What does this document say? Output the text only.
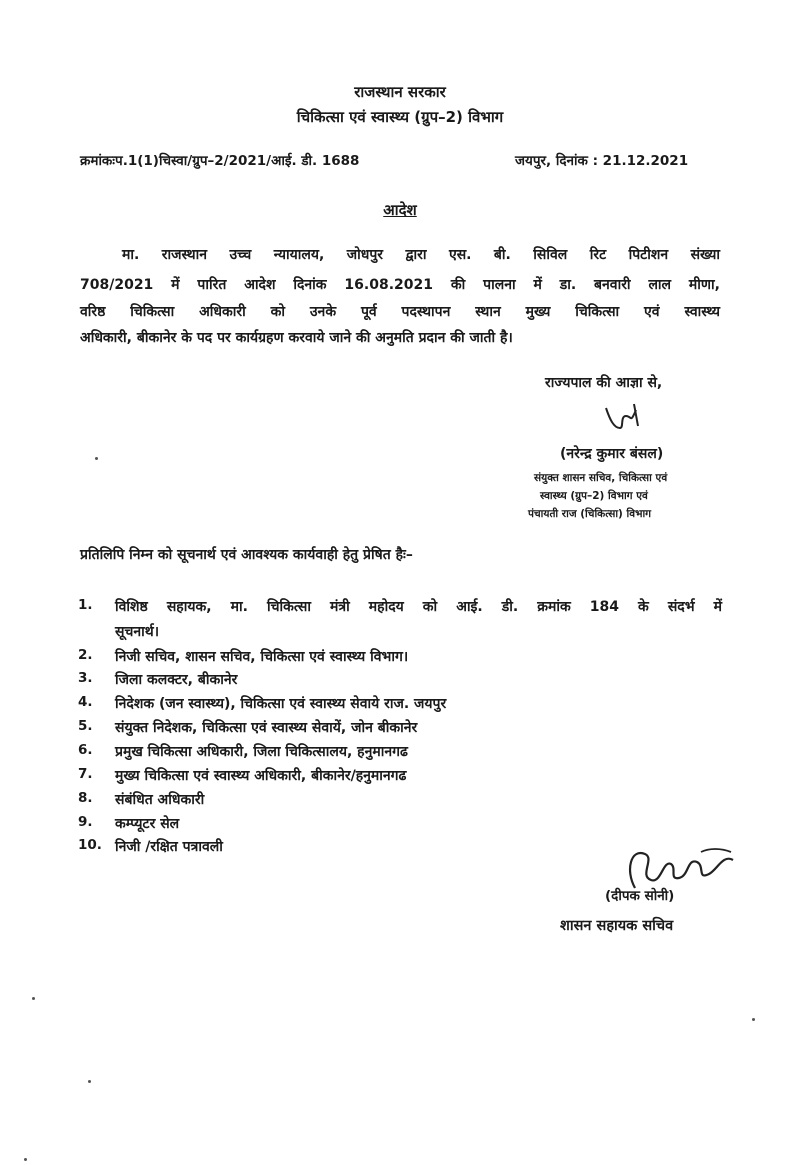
राजस्थान सरकार
चिकित्सा एवं स्वास्थ्य (ग्रुप–2) विभाग
क्रमांकःप.1(1)चिस्वा/ग्रुप–2/2021/आई. डी. 1688	जयपुर, दिनांक : 21.12.2021
आदेश
मा. राजस्थान उच्च न्यायालय, जोधपुर द्वारा एस. बी. सिविल रिट पिटीशन संख्या
708/2021 में पारित आदेश दिनांक 16.08.2021 की पालना में डा. बनवारी लाल मीणा,
वरिष्ठ चिकित्सा अधिकारी को उनके पूर्व पदस्थापन स्थान मुख्य चिकित्सा एवं स्वास्थ्य
अधिकारी, बीकानेर के पद पर कार्यग्रहण करवाये जाने की अनुमति प्रदान की जाती है।
राज्यपाल की आज्ञा से,
(नरेन्द्र कुमार बंसल)
संयुक्त शासन सचिव, चिकित्सा एवं
स्वास्थ्य (ग्रुप–2) विभाग एवं
पंचायती राज (चिकित्सा) विभाग
प्रतिलिपि निम्न को सूचनार्थ एवं आवश्यक कार्यवाही हेतु प्रेषित हैः–
1. विशिष्ठ सहायक, मा. चिकित्सा मंत्री महोदय को आई. डी. क्रमांक 184 के संदर्भ में
सूचनार्थ।
2. निजी सचिव, शासन सचिव, चिकित्सा एवं स्वास्थ्य विभाग।
3. जिला कलक्टर, बीकानेर
4. निदेशक (जन स्वास्थ्य), चिकित्सा एवं स्वास्थ्य सेवाये राज. जयपुर
5. संयुक्त निदेशक, चिकित्सा एवं स्वास्थ्य सेवायें, जोन बीकानेर
6. प्रमुख चिकित्सा अधिकारी, जिला चिकित्सालय, हनुमानगढ
7. मुख्य चिकित्सा एवं स्वास्थ्य अधिकारी, बीकानेर/हनुमानगढ
8. संबंधित अधिकारी
9. कम्प्यूटर सेल
10. निजी /रक्षित पत्रावली
(दीपक सोनी)
शासन सहायक सचिव
